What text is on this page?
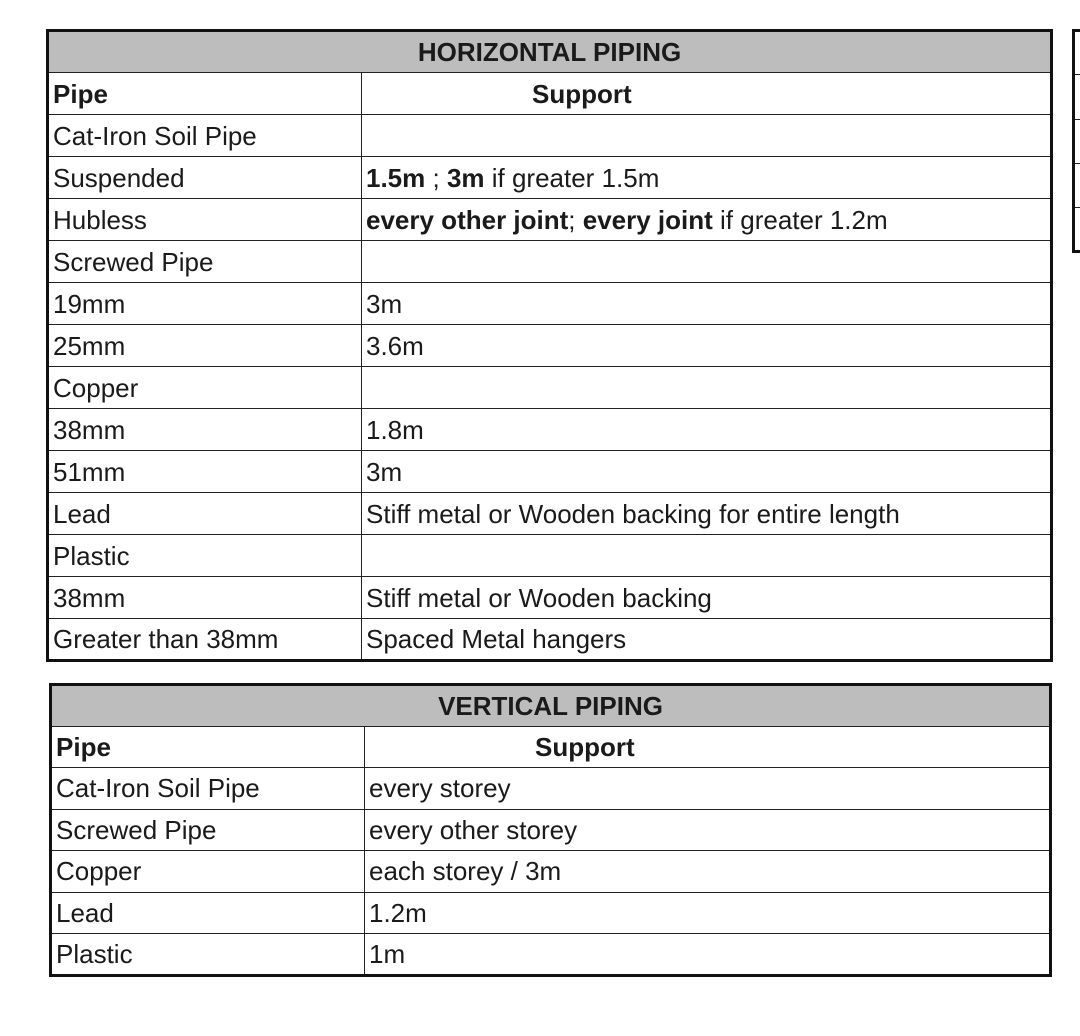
HORIZONTAL PIPING	
Pipe	Support
Cat-Iron Soil Pipe	
Suspended	1.5m ; 3m if greater 1.5m
Hubless	every other joint; every joint if greater 1.2m
Screwed Pipe	
19mm	3m
25mm	3.6m
Copper	
38mm	1.8m
51mm	3m
Lead	Stiff metal or Wooden backing for entire length
Plastic	
38mm	Stiff metal or Wooden backing
Greater than 38mm	Spaced Metal hangers
VERTICAL PIPING	
Pipe	Support
Cat-Iron Soil Pipe	every storey
Screwed Pipe	every other storey
Copper	each storey / 3m
Lead	1.2m
Plastic	1m
